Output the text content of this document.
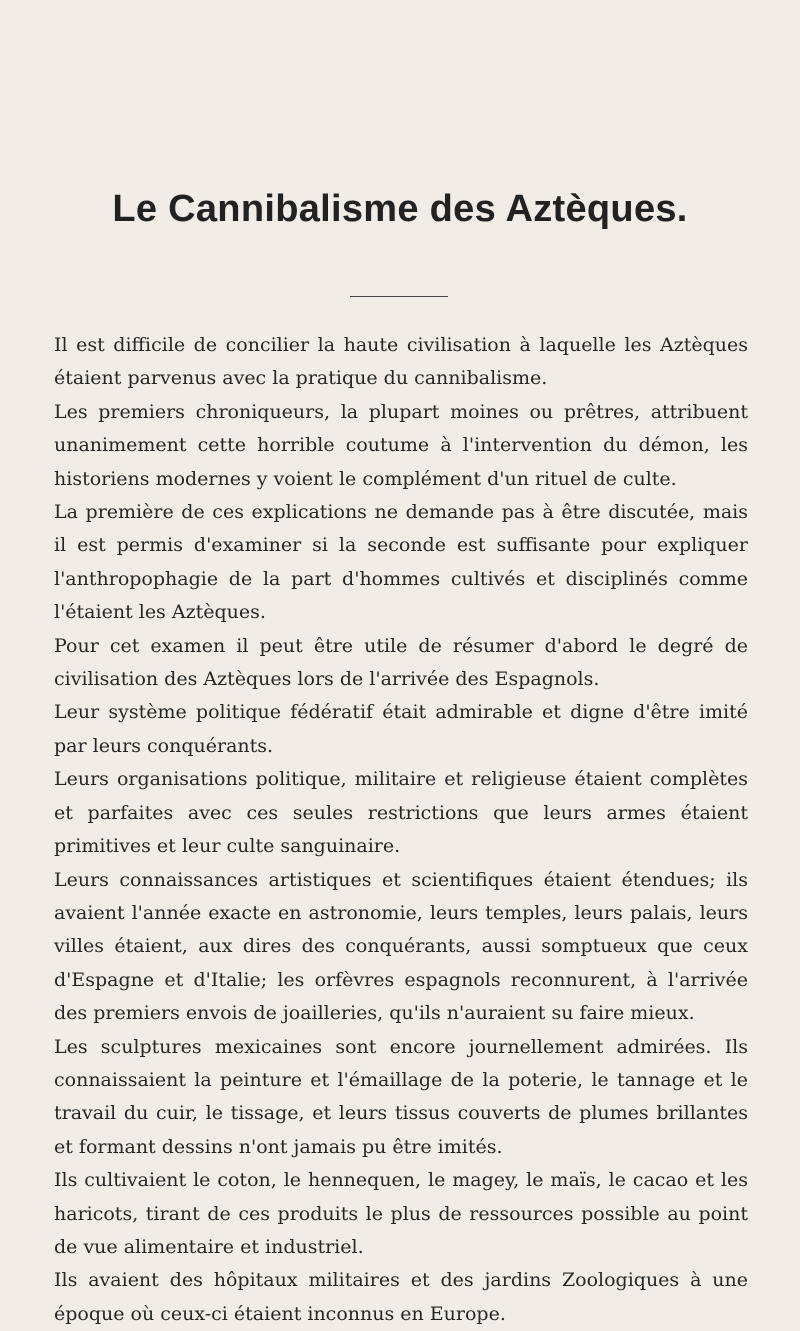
Le Cannibalisme des Aztèques.

Il est difficile de concilier la haute civilisation à laquelle les Aztèques étaient parvenus avec la pratique du cannibalisme.

Les premiers chroniqueurs, la plupart moines ou prêtres, attribuent unanimement cette horrible coutume à l'intervention du démon, les historiens modernes y voient le complément d'un rituel de culte.

La première de ces explications ne demande pas à être discutée, mais il est permis d'examiner si la seconde est suffisante pour expliquer l'anthropophagie de la part d'hommes cultivés et disciplinés comme l'étaient les Aztèques.

Pour cet examen il peut être utile de résumer d'abord le degré de civilisation des Aztèques lors de l'arrivée des Espagnols.

Leur système politique fédératif était admirable et digne d'être imité par leurs conquérants.

Leurs organisations politique, militaire et religieuse étaient complètes et parfaites avec ces seules restrictions que leurs armes étaient primitives et leur culte sanguinaire.

Leurs connaissances artistiques et scientifiques étaient étendues; ils avaient l'année exacte en astronomie, leurs temples, leurs palais, leurs villes étaient, aux dires des conquérants, aussi somptueux que ceux d'Espagne et d'Italie; les orfèvres espagnols reconnurent, à l'arrivée des premiers envois de joailleries, qu'ils n'auraient su faire mieux.

Les sculptures mexicaines sont encore journellement admirées. Ils connaissaient la peinture et l'émaillage de la poterie, le tannage et le travail du cuir, le tissage, et leurs tissus couverts de plumes brillantes et formant dessins n'ont jamais pu être imités.

Ils cultivaient le coton, le hennequen, le magey, le maïs, le cacao et les haricots, tirant de ces produits le plus de ressources possible au point de vue alimentaire et industriel.

Ils avaient des hôpitaux militaires et des jardins Zoologiques à une époque où ceux-ci étaient inconnus en Europe.
